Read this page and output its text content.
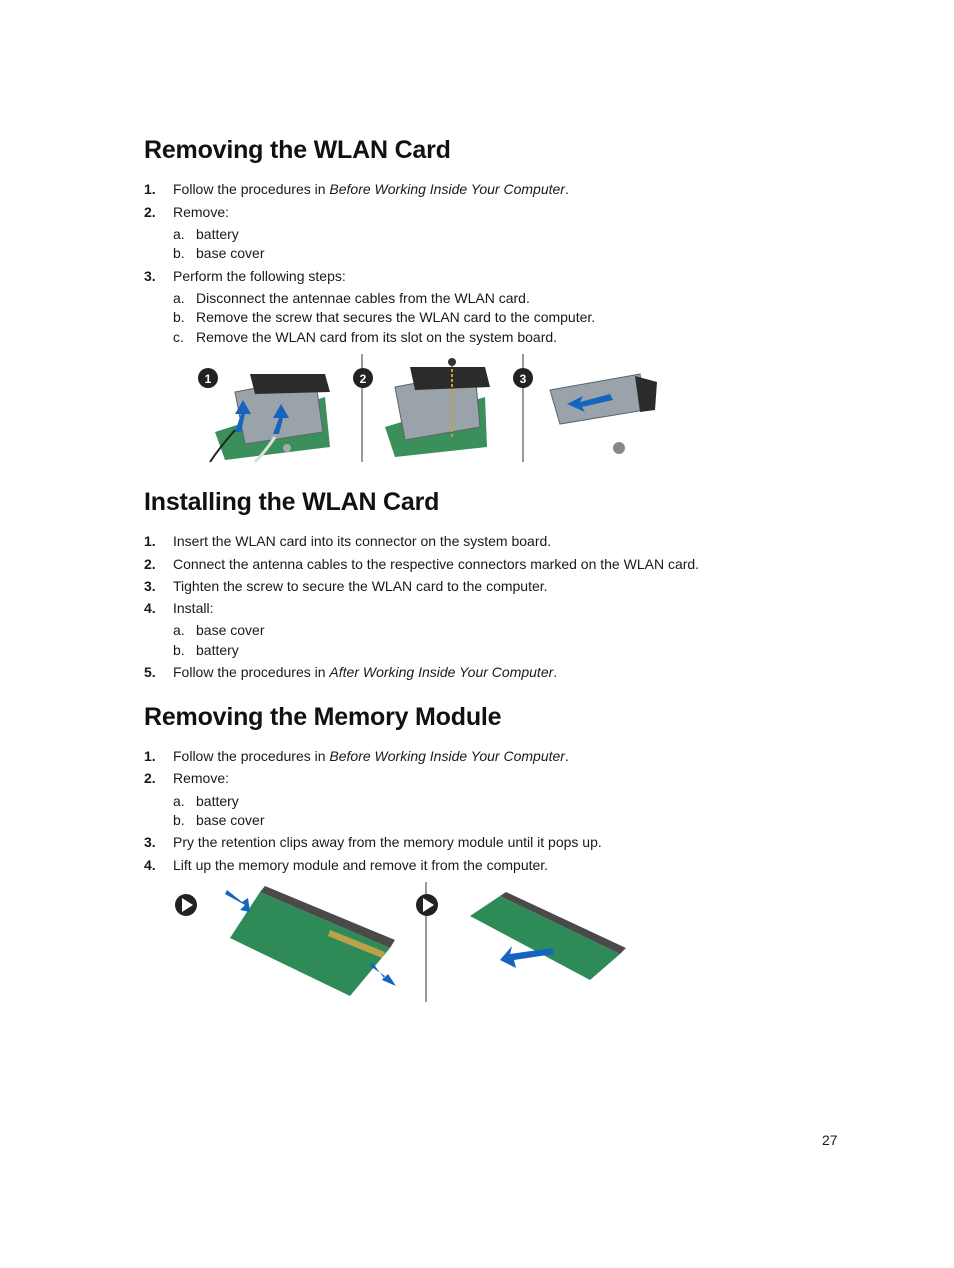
Removing the WLAN Card
1. Follow the procedures in Before Working Inside Your Computer.
2. Remove:
a. battery
b. base cover
3. Perform the following steps:
a. Disconnect the antennae cables from the WLAN card.
b. Remove the screw that secures the WLAN card to the computer.
c. Remove the WLAN card from its slot on the system board.
1	2	3
Installing the WLAN Card
1. Insert the WLAN card into its connector on the system board.
2. Connect the antenna cables to the respective connectors marked on the WLAN card.
3. Tighten the screw to secure the WLAN card to the computer.
4. Install:
a. base cover
b. battery
5. Follow the procedures in After Working Inside Your Computer.
Removing the Memory Module
1. Follow the procedures in Before Working Inside Your Computer.
2. Remove:
a. battery
b. base cover
3. Pry the retention clips away from the memory module until it pops up.
4. Lift up the memory module and remove it from the computer.
27
